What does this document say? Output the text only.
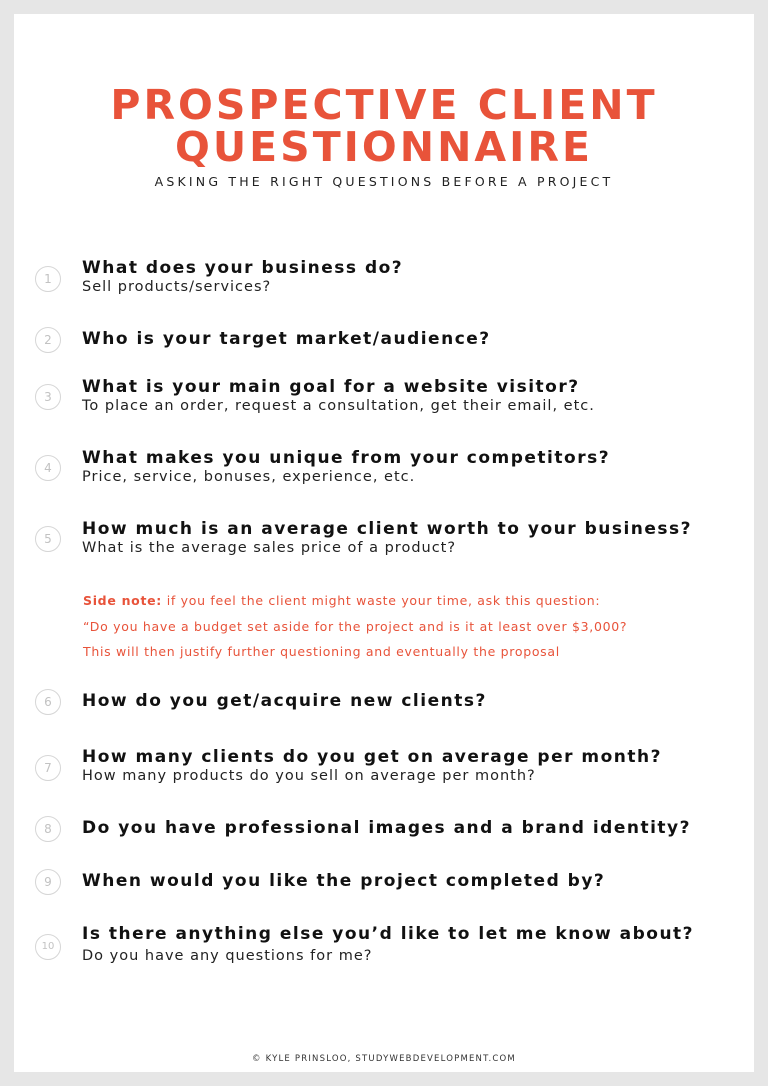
PROSPECTIVE CLIENT
QUESTIONNAIRE
ASKING THE RIGHT QUESTIONS BEFORE A PROJECT
1
What does your business do?
Sell products/services?
2	Who is your target market/audience?
3	What is your main goal for a website visitor?
To place an order, request a consultation, get their email, etc.
4	What makes you unique from your competitors?
Price, service, bonuses, experience, etc.
5	How much is an average client worth to your business?
What is the average sales price of a product?
Side note: if you feel the client might waste your time, ask this question:
“Do you have a budget set aside for the project and is it at least over $3,000?
This will then justify further questioning and eventually the proposal
6	How do you get/acquire new clients?
7
How many clients do you get on average per month?
How many products do you sell on average per month?
8	Do you have professional images and a brand identity?
9	When would you like the project completed by?
10
Is there anything else you’d like to let me know about?
Do you have any questions for me?
© KYLE PRINSLOO, STUDYWEBDEVELOPMENT.COM
